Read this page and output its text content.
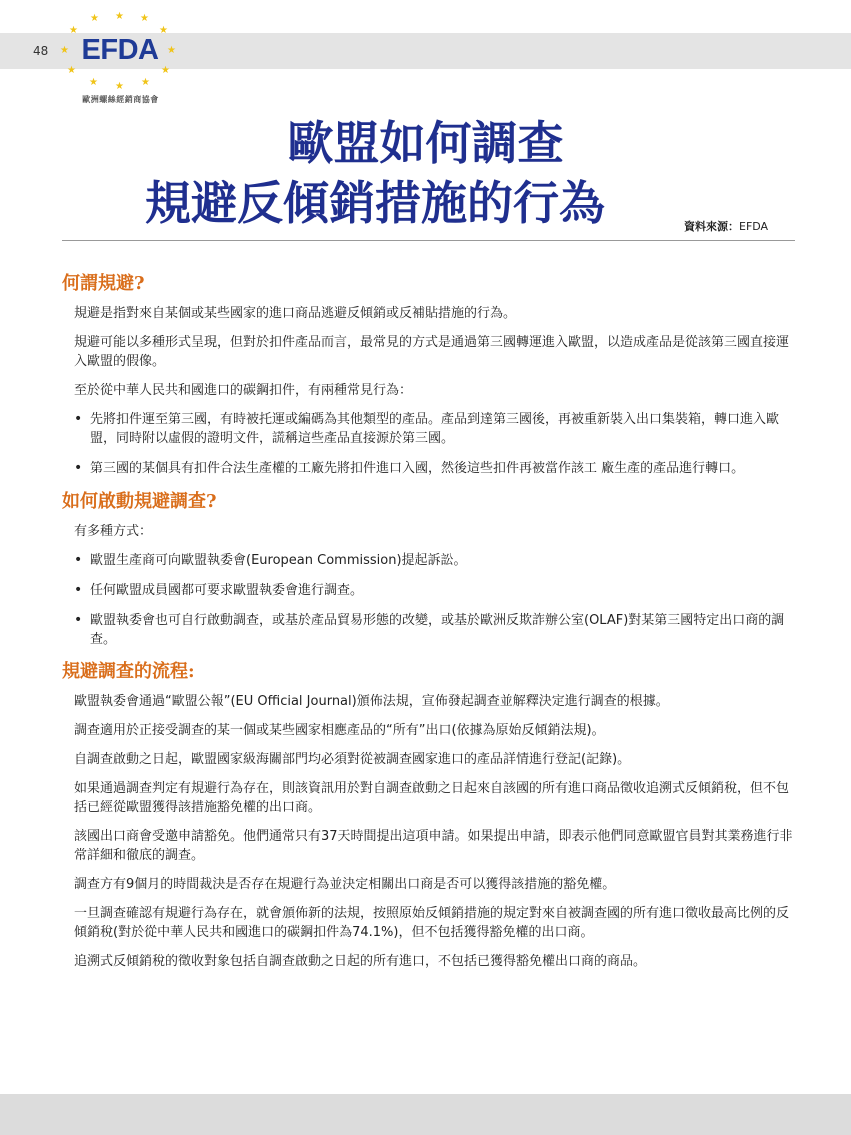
48
★ ★ ★
★
★
★
★
★
★
★
★
★
EFDA
歐洲螺絲經銷商協會
歐盟如何調查
規避反傾銷措施的行為	資料來源：EFDA
何謂規避?

規避是指對來自某個或某些國家的進口商品逃避反傾銷或反補貼措施的行為。

規避可能以多種形式呈現，但對於扣件產品而言，最常見的方式是通過第三國轉運進入歐盟，以造成產品是從該第三國直接運入歐盟的假像。

至於從中華人民共和國進口的碳鋼扣件，有兩種常見行為：

• 先將扣件運至第三國，有時被托運或編碼為其他類型的產品。產品到達第三國後，再被重新裝入出口集裝箱，轉口進入歐盟，同時附以虛假的證明文件，謊稱這些產品直接源於第三國。
• 第三國的某個具有扣件合法生產權的工廠先將扣件進口入國，然後這些扣件再被當作該工 廠生產的產品進行轉口。
如何啟動規避調查?

有多種方式：

• 歐盟生產商可向歐盟執委會(European Commission)提起訴訟。
• 任何歐盟成員國都可要求歐盟執委會進行調查。
• 歐盟執委會也可自行啟動調查，或基於產品貿易形態的改變，或基於歐洲反欺詐辦公室(OLAF)對某第三國特定出口商的調查。
規避調查的流程:

歐盟執委會通過“歐盟公報”(EU Official Journal)頒佈法規，宣佈發起調查並解釋決定進行調查的根據。

調查適用於正接受調查的某一個或某些國家相應產品的“所有”出口(依據為原始反傾銷法規)。

自調查啟動之日起，歐盟國家級海關部門均必須對從被調查國家進口的產品詳情進行登記(記錄)。

如果通過調查判定有規避行為存在，則該資訊用於對自調查啟動之日起來自該國的所有進口商品徵收追溯式反傾銷稅，但不包括已經從歐盟獲得該措施豁免權的出口商。

該國出口商會受邀申請豁免。他們通常只有37天時間提出這項申請。如果提出申請，即表示他們同意歐盟官員對其業務進行非常詳細和徹底的調查。

調查方有9個月的時間裁決是否存在規避行為並決定相關出口商是否可以獲得該措施的豁免權。

一旦調查確認有規避行為存在，就會頒佈新的法規，按照原始反傾銷措施的規定對來自被調查國的所有進口徵收最高比例的反傾銷稅(對於從中華人民共和國進口的碳鋼扣件為74.1%)，但不包括獲得豁免權的出口商。

追溯式反傾銷稅的徵收對象包括自調查啟動之日起的所有進口，不包括已獲得豁免權出口商的商品。
